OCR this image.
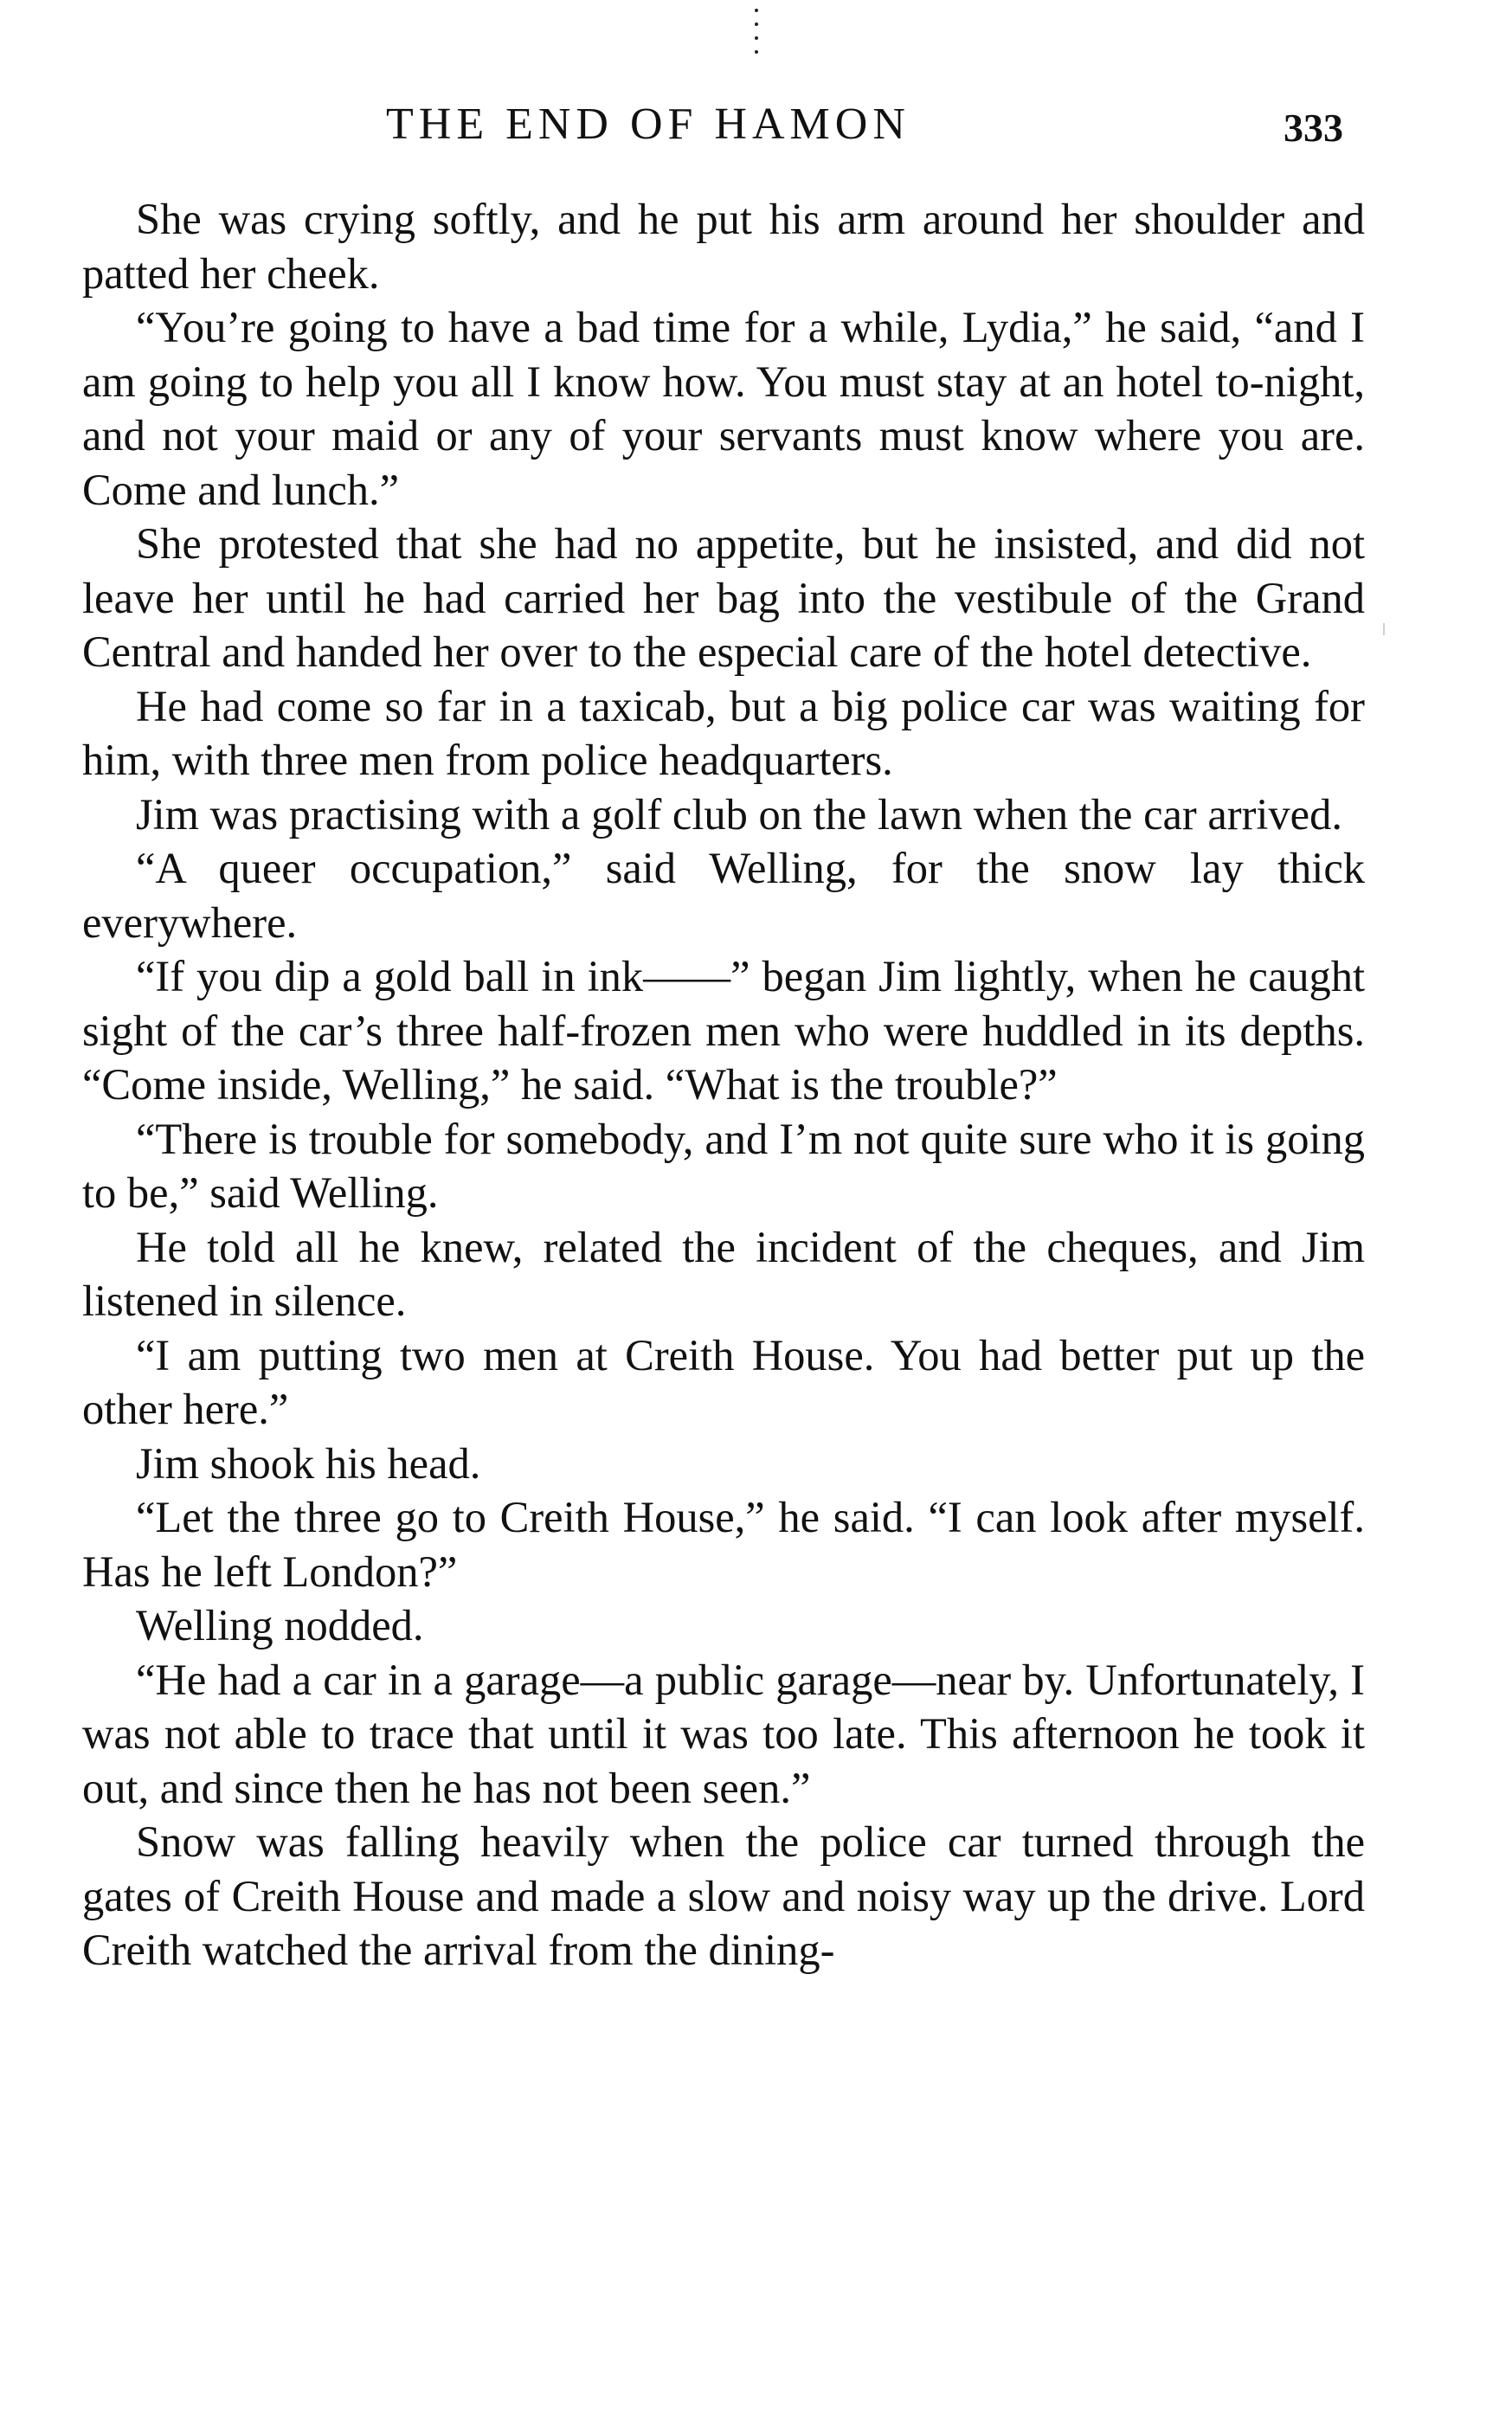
THE END OF HAMON	333

She was crying softly, and he put his arm around her shoulder and patted her cheek.

“You’re going to have a bad time for a while, Lydia,” he said, “and I am going to help you all I know how. You must stay at an hotel to-night, and not your maid or any of your servants must know where you are. Come and lunch.”

She protested that she had no appetite, but he insisted, and did not leave her until he had carried her bag into the vestibule of the Grand Central and handed her over to the especial care of the hotel detective.

He had come so far in a taxicab, but a big police car was waiting for him, with three men from police headquarters.

Jim was practising with a golf club on the lawn when the car arrived.

“A queer occupation,” said Welling, for the snow lay thick everywhere.

“If you dip a gold ball in ink——” began Jim lightly, when he caught sight of the car’s three half-frozen men who were huddled in its depths. “Come inside, Welling,” he said. “What is the trouble?”

“There is trouble for somebody, and I’m not quite sure who it is going to be,” said Welling.

He told all he knew, related the incident of the cheques, and Jim listened in silence.

“I am putting two men at Creith House. You had better put up the other here.”

Jim shook his head.

“Let the three go to Creith House,” he said. “I can look after myself. Has he left London?”

Welling nodded.

“He had a car in a garage—a public garage—near by. Unfortunately, I was not able to trace that until it was too late. This afternoon he took it out, and since then he has not been seen.”

Snow was falling heavily when the police car turned through the gates of Creith House and made a slow and noisy way up the drive. Lord Creith watched the arrival from the dining-
